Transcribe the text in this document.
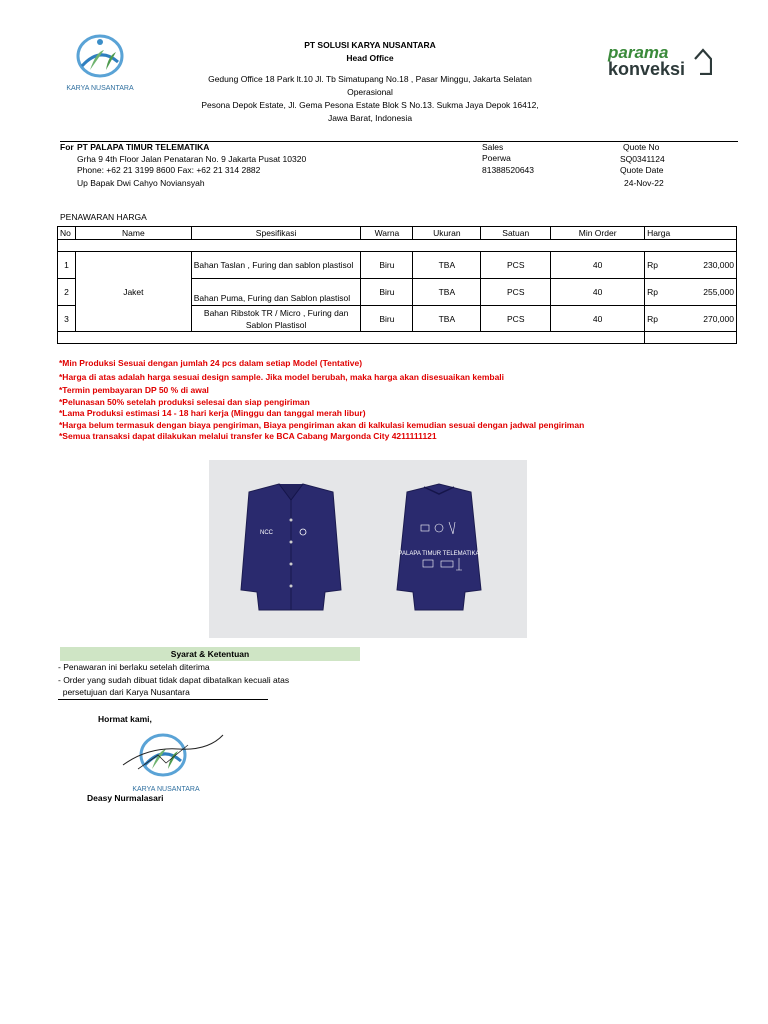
KARYA NUSANTARA
PT SOLUSI KARYA NUSANTARA
Head Office
Gedung Office 18 Park lt.10 Jl. Tb Simatupang No.18 , Pasar Minggu, Jakarta Selatan
Operasional
Pesona Depok Estate, Jl. Gema Pesona Estate Blok S No.13. Sukma Jaya Depok 16412,
Jawa Barat, Indonesia
parama
konveksi
For PT PALAPA TIMUR TELEMATIKA
Grha 9 4th Floor Jalan Penataran No. 9 Jakarta Pusat 10320
Phone: +62 21 3199 8600 Fax: +62 21 314 2882
Up Bapak Dwi Cahyo Noviansyah
Sales
Poerwa
81388520643
Quote No
SQ0341124
Quote Date
24-Nov-22
PENAWARAN HARGA
No	Name	Spesifikasi	Warna	Ukuran	Satuan	Min Order	Harga

1	Jaket	Bahan Taslan , Furing dan sablon plastisol	Biru	TBA	PCS	40	Rp 230,000

2		Bahan Puma, Furing dan Sablon plastisol	Biru	TBA	PCS	40	Rp 255,000

3		Bahan Ribstok TR / Micro , Furing dan Sablon Plastisol	Biru	TBA	PCS	40	Rp 270,000

*Min Produksi Sesuai dengan jumlah 24 pcs dalam setiap Model (Tentative)
*Harga di atas adalah harga sesuai design sample. Jika model berubah, maka harga akan disesuaikan kembali
*Termin pembayaran DP 50 % di awal
*Pelunasan 50% setelah produksi selesai dan siap pengiriman
*Lama Produksi estimasi 14 - 18 hari kerja (Minggu dan tanggal merah libur)
*Harga belum termasuk dengan biaya pengiriman, Biaya pengiriman akan di kalkulasi kemudian sesuai dengan jadwal pengiriman
*Semua transaksi dapat dilakukan melalui transfer ke BCA Cabang Margonda City 4211111121
NCC
PALAPA TIMUR TELEMATIKA
Syarat & Ketentuan
- Penawaran ini berlaku setelah diterima
- Order yang sudah dibuat tidak dapat dibatalkan kecuali atas
persetujuan dari Karya Nusantara
Hormat kami,
KARYA NUSANTARA
Deasy Nurmalasari
